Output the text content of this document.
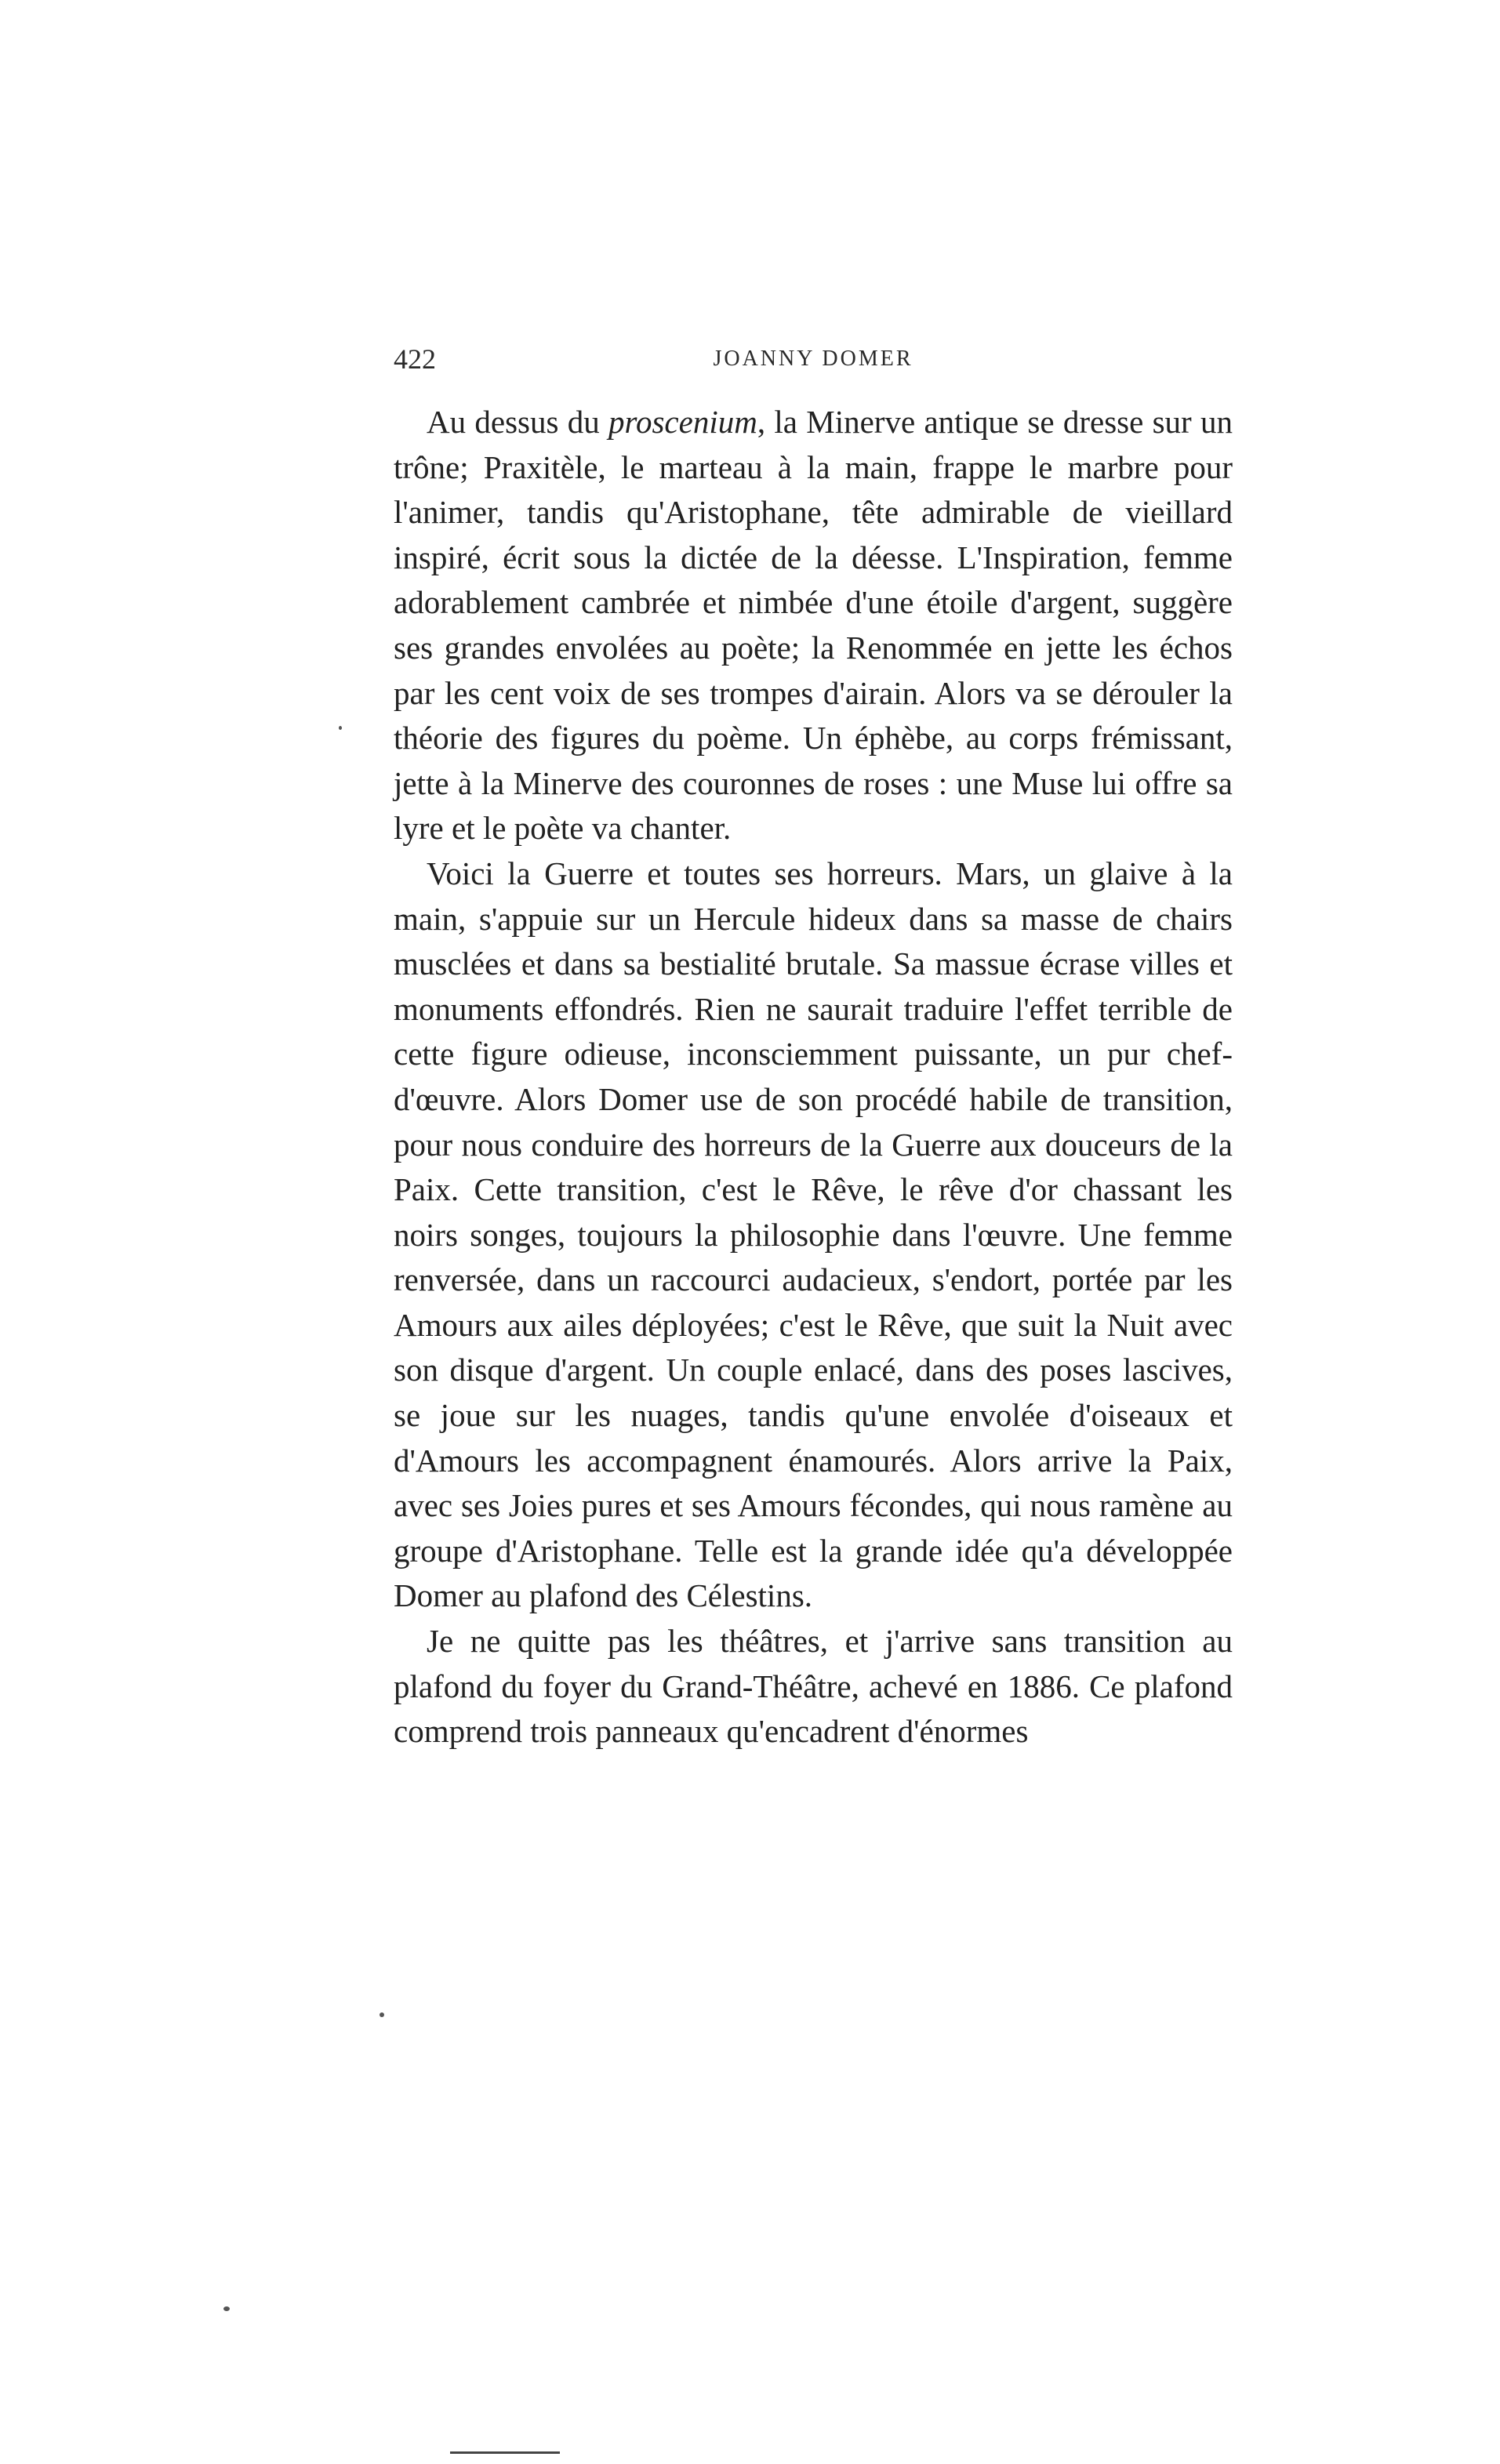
422	JOANNY DOMER

Au dessus du proscenium, la Minerve antique se dresse sur un trône; Praxitèle, le marteau à la main, frappe le marbre pour l'animer, tandis qu'Aristophane, tête admirable de vieillard inspiré, écrit sous la dictée de la déesse. L'Inspiration, femme adorablement cambrée et nimbée d'une étoile d'argent, suggère ses grandes envolées au poète; la Renommée en jette les échos par les cent voix de ses trompes d'airain. Alors va se dérouler la théorie des figures du poème. Un éphèbe, au corps frémissant, jette à la Minerve des couronnes de roses : une Muse lui offre sa lyre et le poète va chanter.

Voici la Guerre et toutes ses horreurs. Mars, un glaive à la main, s'appuie sur un Hercule hideux dans sa masse de chairs musclées et dans sa bestialité brutale. Sa massue écrase villes et monuments effondrés. Rien ne saurait traduire l'effet terrible de cette figure odieuse, inconsciemment puissante, un pur chef-d'œuvre. Alors Domer use de son procédé habile de transition, pour nous conduire des horreurs de la Guerre aux douceurs de la Paix. Cette transition, c'est le Rêve, le rêve d'or chassant les noirs songes, toujours la philosophie dans l'œuvre. Une femme renversée, dans un raccourci audacieux, s'endort, portée par les Amours aux ailes déployées; c'est le Rêve, que suit la Nuit avec son disque d'argent. Un couple enlacé, dans des poses lascives, se joue sur les nuages, tandis qu'une envolée d'oiseaux et d'Amours les accompagnent énamourés. Alors arrive la Paix, avec ses Joies pures et ses Amours fécondes, qui nous ramène au groupe d'Aristophane. Telle est la grande idée qu'a développée Domer au plafond des Célestins.

Je ne quitte pas les théâtres, et j'arrive sans transition au plafond du foyer du Grand-Théâtre, achevé en 1886. Ce plafond comprend trois panneaux qu'encadrent d'énormes
